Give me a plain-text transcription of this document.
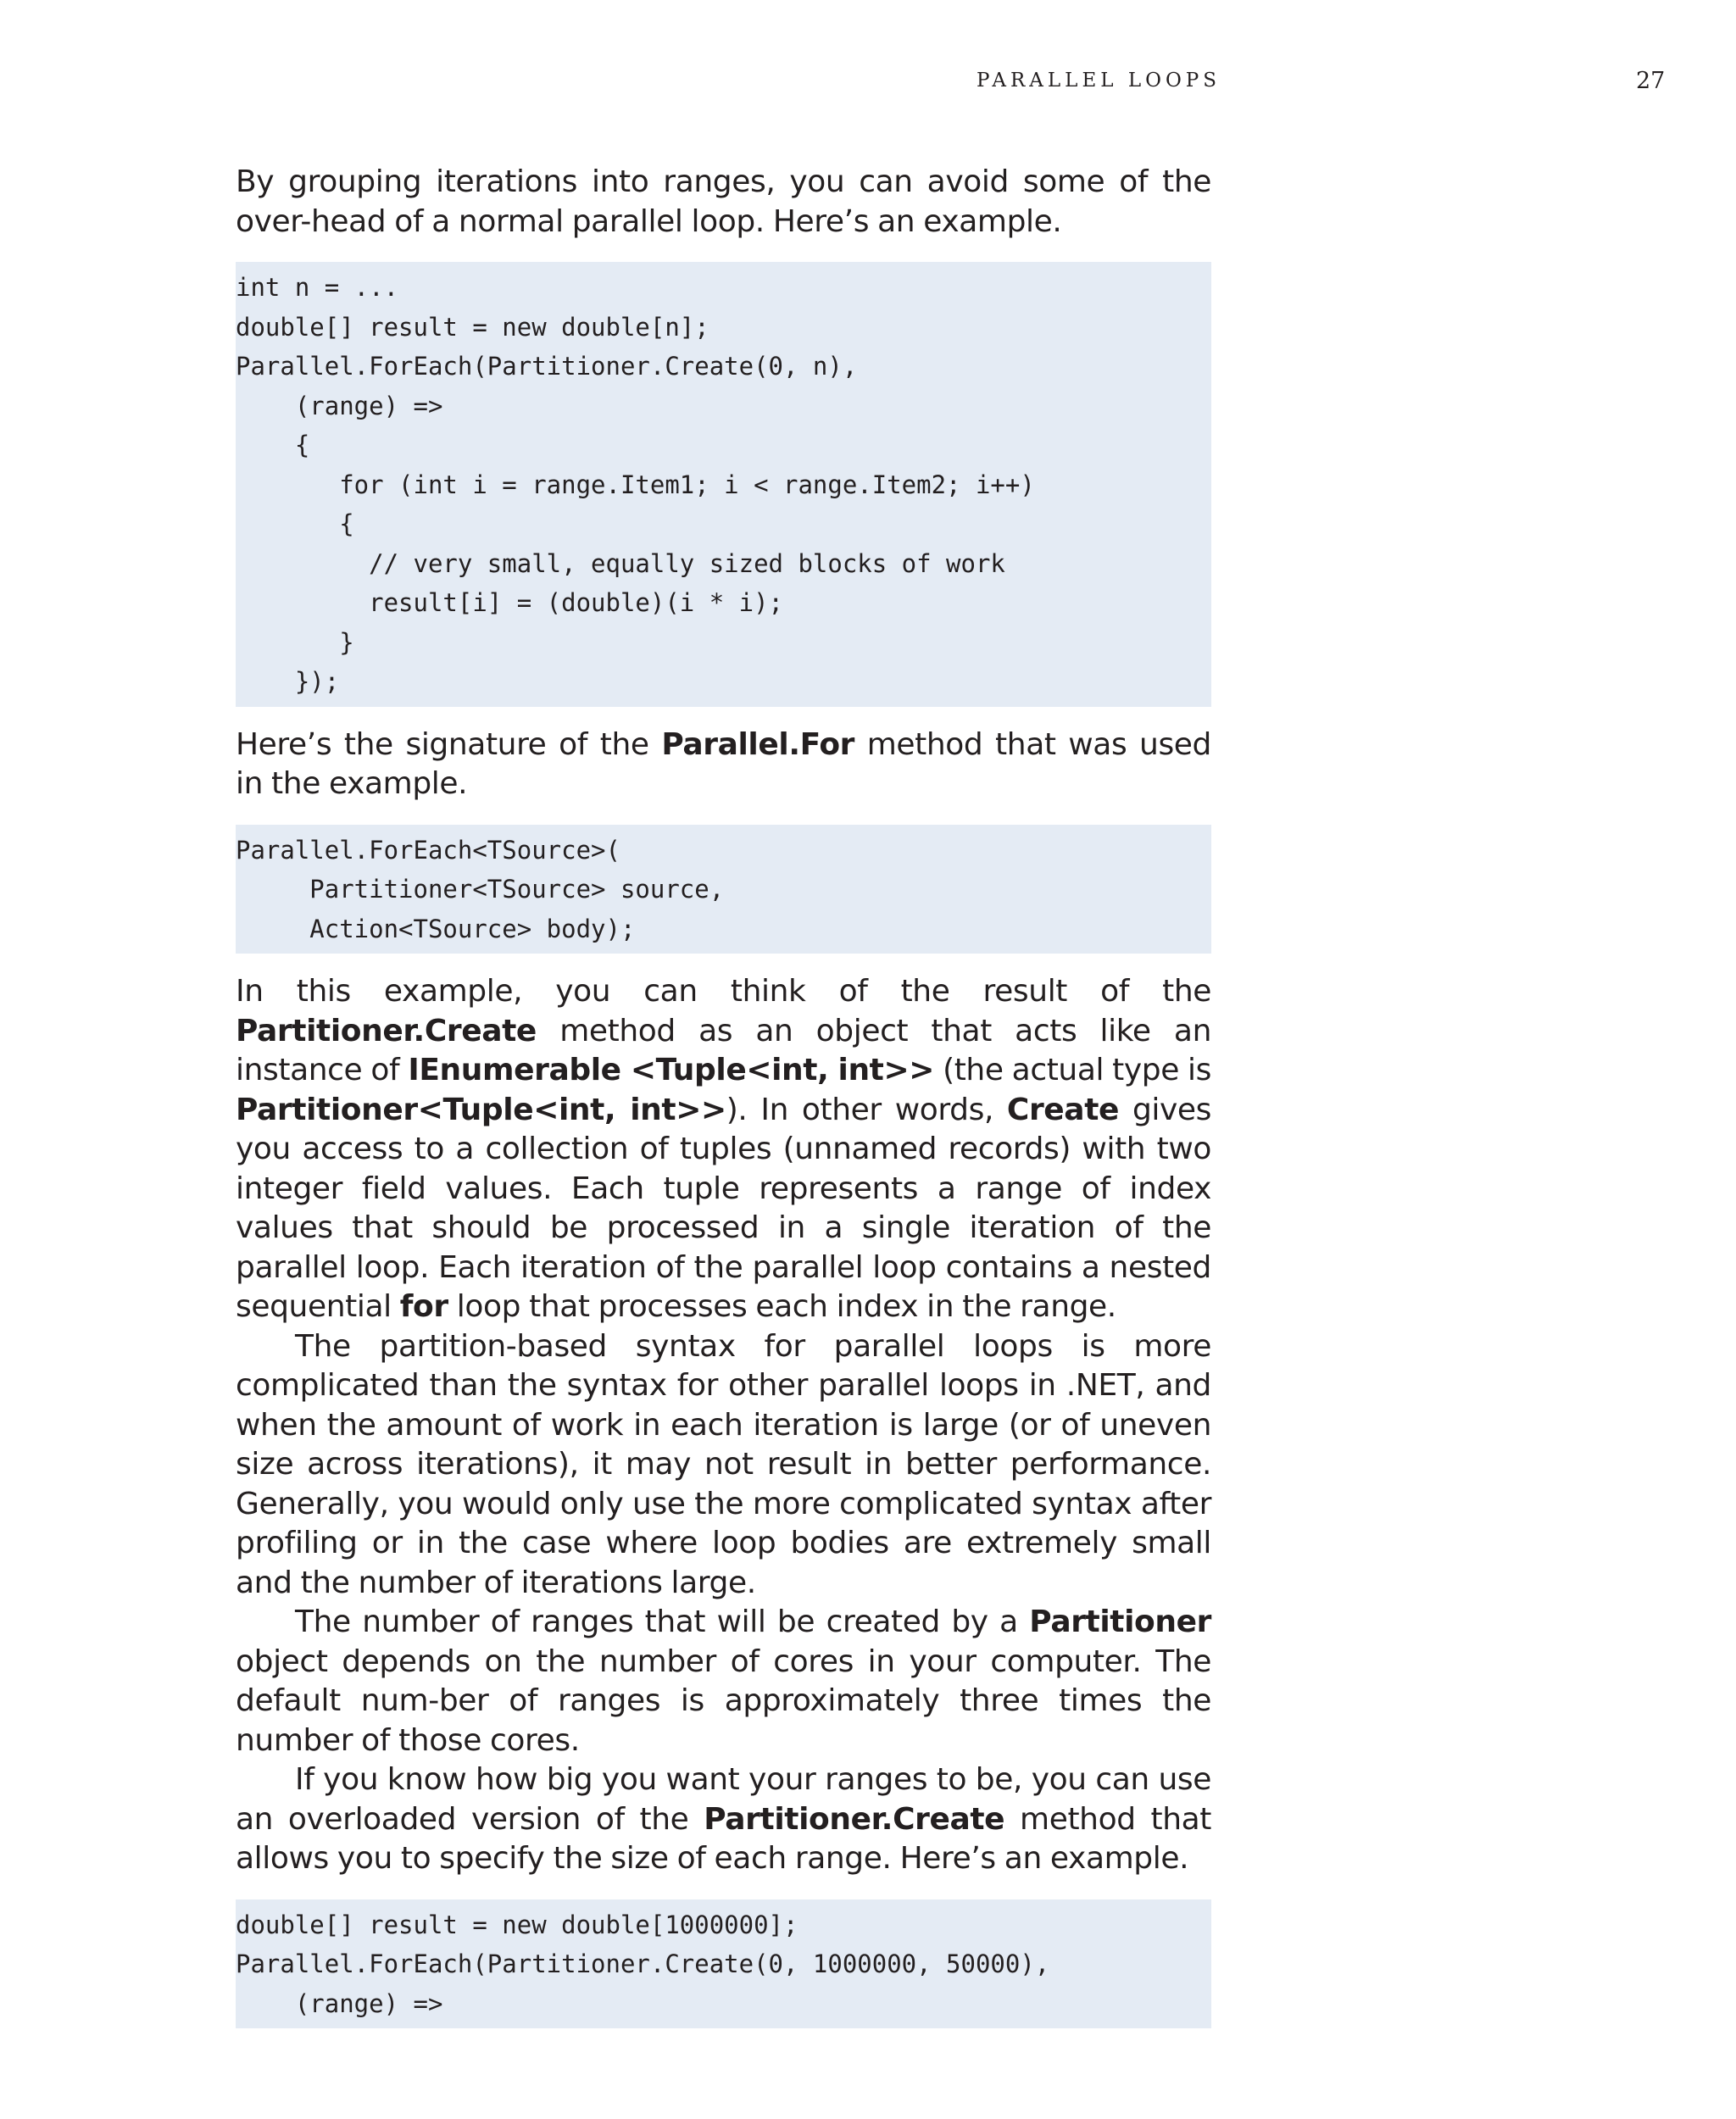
PARALLEL LOOPS	27

By grouping iterations into ranges, you can avoid some of the over-head of a normal parallel loop. Here’s an example.

int n = ...
double[] result = new double[n];
Parallel.ForEach(Partitioner.Create(0, n),
(range) =>
{
for (int i = range.Item1; i < range.Item2; i++)
{
// very small, equally sized blocks of work
result[i] = (double)(i * i);
}
});

Here’s the signature of the Parallel.For method that was used in the example.

Parallel.ForEach<TSource>(
Partitioner<TSource> source,
Action<TSource> body);

In this example, you can think of the result of the Partitioner.Create method as an object that acts like an instance of IEnumerable <Tuple<int, int>> (the actual type is Partitioner<Tuple<int, int>>). In other words, Create gives you access to a collection of tuples (unnamed records) with two integer field values. Each tuple represents a range of index values that should be processed in a single iteration of the parallel loop. Each iteration of the parallel loop contains a nested sequential for loop that processes each index in the range.

The partition-based syntax for parallel loops is more complicated than the syntax for other parallel loops in .NET, and when the amount of work in each iteration is large (or of uneven size across iterations), it may not result in better performance. Generally, you would only use the more complicated syntax after profiling or in the case where loop bodies are extremely small and the number of iterations large.

The number of ranges that will be created by a Partitioner object depends on the number of cores in your computer. The default num-ber of ranges is approximately three times the number of those cores.

If you know how big you want your ranges to be, you can use an overloaded version of the Partitioner.Create method that allows you to specify the size of each range. Here’s an example.

double[] result = new double[1000000];
Parallel.ForEach(Partitioner.Create(0, 1000000, 50000),
(range) =>
